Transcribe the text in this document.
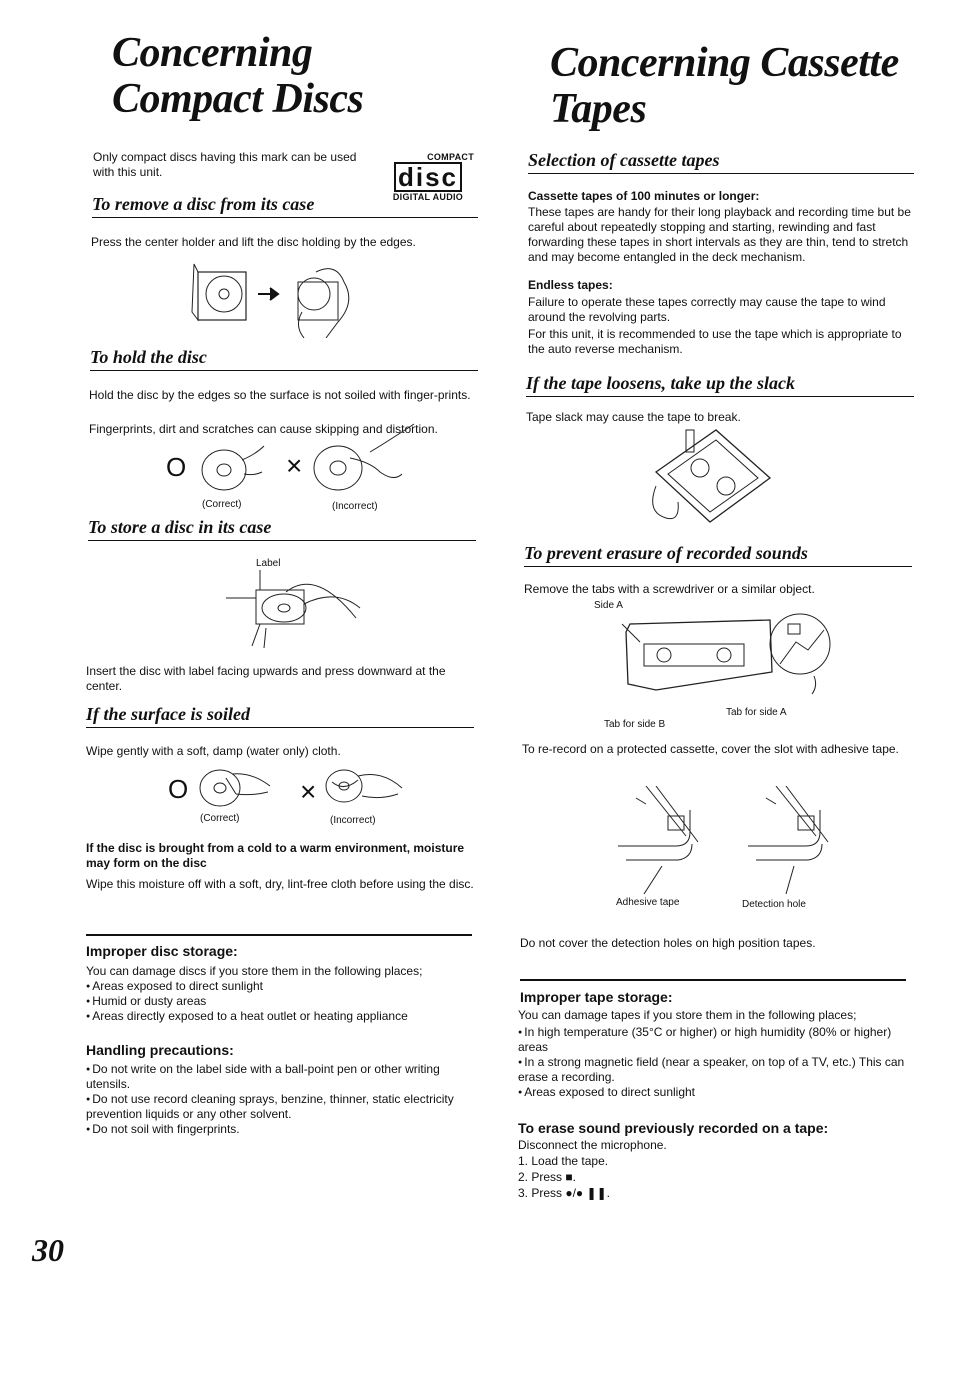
Concerning
Compact Discs

Only compact discs having this mark can be used with this unit.

COMPACT
disc
DIGITAL AUDIO
To remove a disc from its case

Press the center holder and lift the disc holding by the edges.

To hold the disc

Hold the disc by the edges so the surface is not soiled with finger-prints.

Fingerprints, dirt and scratches can cause skipping and distortion.

O	×
(Correct)	(Incorrect)
To store a disc in its case
Label

Insert the disc with label facing upwards and press downward at the center.

If the surface is soiled

Wipe gently with a soft, damp (water only) cloth.

O	×
(Correct)	(Incorrect)

If the disc is brought from a cold to a warm environment, moisture may form on the disc

Wipe this moisture off with a soft, dry, lint-free cloth before using the disc.

Improper disc storage:

You can damage discs if you store them in the following places;

● Areas exposed to direct sunlight
● Humid or dusty areas
● Areas directly exposed to a heat outlet or heating appliance

Handling precautions:

● Do not write on the label side with a ball-point pen or other writing utensils.
● Do not use record cleaning sprays, benzine, thinner, static electricity prevention liquids or any other solvent.
● Do not soil with fingerprints.
Concerning Cassette
Tapes
Selection of cassette tapes

Cassette tapes of 100 minutes or longer:

These tapes are handy for their long playback and recording time but be careful about repeatedly stopping and starting, rewinding and fast forwarding these tapes in short intervals as they are thin, tend to stretch and may become entangled in the deck mechanism.

Endless tapes:

Failure to operate these tapes correctly may cause the tape to wind around the revolving parts.

For this unit, it is recommended to use the tape which is appropriate to the auto reverse mechanism.

If the tape loosens, take up the slack

Tape slack may cause the tape to break.

To prevent erasure of recorded sounds

Remove the tabs with a screwdriver or a similar object.

Side A
Tab for side B
Tab for side A

To re-record on a protected cassette, cover the slot with adhesive tape.

Adhesive tape	Detection hole

Do not cover the detection holes on high position tapes.

Improper tape storage:

You can damage tapes if you store them in the following places;

● In high temperature (35°C or higher) or high humidity (80% or higher) areas
● In a strong magnetic field (near a speaker, on top of a TV, etc.) This can erase a recording.
● Areas exposed to direct sunlight

To erase sound previously recorded on a tape:

Disconnect the microphone.

1. Load the tape.
2. Press ■.
3. Press ●/● ❚❚.
30
